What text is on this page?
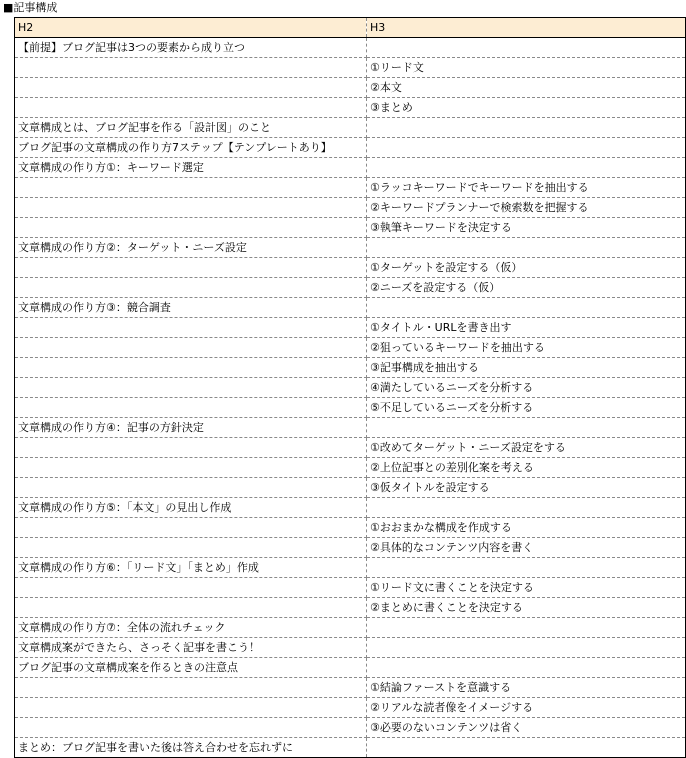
■記事構成
H2	H3
【前提】ブログ記事は3つの要素から成り立つ	
	①リード文
	②本文
	③まとめ
文章構成とは、ブログ記事を作る「設計図」のこと	
ブログ記事の文章構成の作り方7ステップ【テンプレートあり】	
文章構成の作り方①：キーワード選定	
	①ラッコキーワードでキーワードを抽出する
	②キーワードプランナーで検索数を把握する
	③執筆キーワードを決定する
文章構成の作り方②：ターゲット・ニーズ設定	
	①ターゲットを設定する（仮）
	②ニーズを設定する（仮）
文章構成の作り方③：競合調査	
	①タイトル・URLを書き出す
	②狙っているキーワードを抽出する
	③記事構成を抽出する
	④満たしているニーズを分析する
	⑤不足しているニーズを分析する
文章構成の作り方④：記事の方針決定	
	①改めてターゲット・ニーズ設定をする
	②上位記事との差別化案を考える
	③仮タイトルを設定する
文章構成の作り方⑤：「本文」の見出し作成	
	①おおまかな構成を作成する
	②具体的なコンテンツ内容を書く
文章構成の作り方⑥：「リード文」「まとめ」作成	
	①リード文に書くことを決定する
	②まとめに書くことを決定する
文章構成の作り方⑦：全体の流れチェック	
文章構成案ができたら、さっそく記事を書こう！	
ブログ記事の文章構成案を作るときの注意点	
	①結論ファーストを意識する
	②リアルな読者像をイメージする
	③必要のないコンテンツは省く
まとめ：ブログ記事を書いた後は答え合わせを忘れずに	
